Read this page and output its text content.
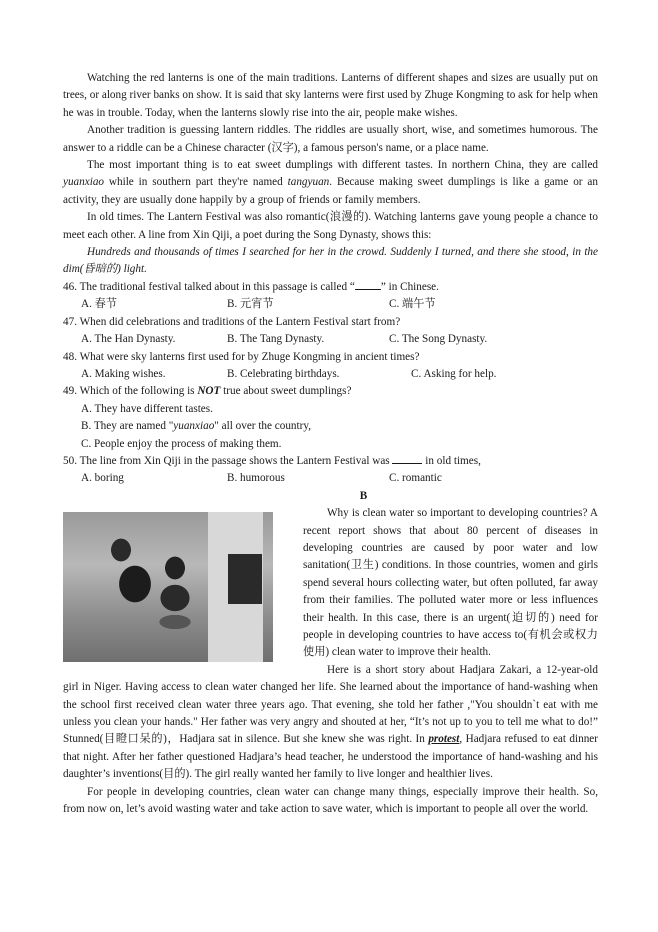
Watching the red lanterns is one of the main traditions. Lanterns of different shapes and sizes are usually put on trees, or along river banks on show. It is said that sky lanterns were first used by Zhuge Kongming to ask for help when he was in trouble. Today, when the lanterns slowly rise into the air, people make wishes.

Another tradition is guessing lantern riddles. The riddles are usually short, wise, and sometimes humorous. The answer to a riddle can be a Chinese character (汉字), a famous person's name, or a place name.

The most important thing is to eat sweet dumplings with different tastes. In northern China, they are called yuanxiao while in southern part they're named tangyuan. Because making sweet dumplings is like a game or an activity, they are usually done happily by a group of friends or family members.

In old times. The Lantern Festival was also romantic(浪漫的). Watching lanterns gave young people a chance to meet each other. A line from Xin Qiji, a poet during the Song Dynasty, shows this:

Hundreds and thousands of times I searched for her in the crowd. Suddenly I turned, and there she stood, in the dim(昏暗的) light.

46. The traditional festival talked about in this passage is called “ ” in Chinese.

A. 春节	B. 元宵节	C. 端午节

47. When did celebrations and traditions of the Lantern Festival start from?

A. The Han Dynasty.	B. The Tang Dynasty.	C. The Song Dynasty.

48. What were sky lanterns first used for by Zhuge Kongming in ancient times?

A. Making wishes.	B. Celebrating birthdays.	C. Asking for help.

49. Which of the following is NOT true about sweet dumplings?

A. They have different tastes.

B. They are named "yuanxiao" all over the country,

C. People enjoy the process of making them.

50. The line from Xin Qiji in the passage shows the Lantern Festival was	in old times,

A. boring	B. humorous	C. romantic

B

Why is clean water so important to developing countries? A recent report shows that about 80 percent of diseases in developing countries are caused by poor water and low sanitation(卫生) conditions. In those countries, women and girls spend several hours collecting water, but often polluted, far away from their families. The polluted water more or less influences their health. In this case, there is an urgent(迫切的) need for people in developing countries to have access to(有机会或权力使用) clean water to improve their health.

Here is a short story about Hadjara Zakari, a 12-year-old girl in Niger. Having access to clean water changed her life. She learned about the importance of hand-washing when the school first received clean water three years ago. That evening, she told her father ,"You shouldn`t eat with me unless you clean your hands." Her father was very angry and shouted at her, “It’s not up to you to tell me what to do!” Stunned(目瞪口呆的)，Hadjara sat in silence. But she knew she was right. In protest, Hadjara refused to eat dinner that night. After her father questioned Hadjara’s head teacher, he understood the importance of hand-washing and his daughter’s inventions(目的). The girl really wanted her family to live longer and healthier lives.

For people in developing countries, clean water can change many things, especially improve their health. So, from now on, let’s avoid wasting water and take action to save water, which is important to people all over the world.
